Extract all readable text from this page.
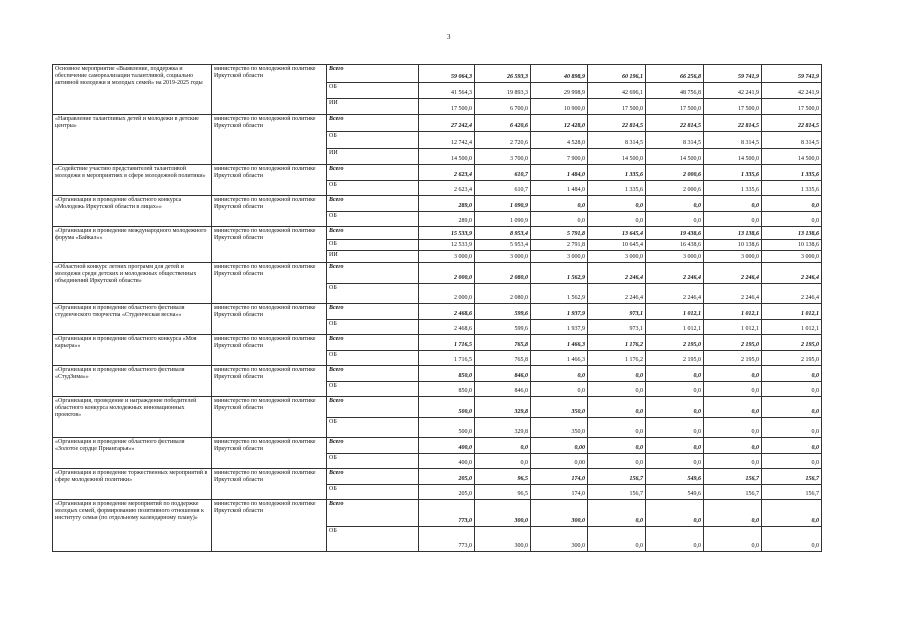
3
Основное мероприятие «Выявление, поддержка и обеспечение самореализации талантливой, социально активной молодежи и молодых семей» на 2019-2025 годы	министерство по молодежной политике Иркутской области	Всего	59 064,3	26 593,3	40 898,9	60 196,1	66 256,8	59 741,9	59 741,9
		ОБ	41 564,3	19 893,3	29 998,9	42 696,1	48 756,8	42 241,9	42 241,9
		ИИ	17 500,0	6 700,0	10 900,0	17 500,0	17 500,0	17 500,0	17 500,0
«Направление талантливых детей и молодежи в детские центры»	министерство по молодежной политике Иркутской области	Всего	27 242,4	6 420,6	12 428,0	22 814,5	22 814,5	22 814,5	22 814,5
		ОБ	12 742,4	2 720,6	4 528,0	8 314,5	8 314,5	8 314,5	8 314,5
		ИИ	14 500,0	3 700,0	7 900,0	14 500,0	14 500,0	14 500,0	14 500,0
«Содействие участию представителей талантливой молодежи в мероприятиях в сфере молодежной политики»	министерство по молодежной политике Иркутской области	Всего	2 623,4	610,7	1 484,0	1 335,6	2 000,6	1 335,6	1 335,6
		ОБ	2 623,4	610,7	1 484,0	1 335,6	2 000,6	1 335,6	1 335,6
«Организация и проведение областного конкурса «Молодежь Иркутской области в лицах»»	министерство по молодежной политике Иркутской области	Всего	289,0	1 090,9	0,0	0,0	0,0	0,0	0,0
		ОБ	289,0	1 090,9	0,0	0,0	0,0	0,0	0,0
«Организация и проведение международного молодежного форума «Байкал»»	министерство по молодежной политике Иркутской области	Всего	15 533,9	8 953,4	5 791,8	13 645,4	19 438,6	13 138,6	13 138,6
		ОБ	12 533,9	5 953,4	2 791,8	10 645,4	16 438,6	10 138,6	10 138,6
		ИИ	3 000,0	3 000,0	3 000,0	3 000,0	3 000,0	3 000,0	3 000,0
«Областной конкурс летних программ для детей и молодежи среди детских и молодежных общественных объединений Иркутской области»	министерство по молодежной политике Иркутской области	Всего	2 000,0	2 080,0	1 562,9	2 246,4	2 246,4	2 246,4	2 246,4
		ОБ	2 000,0	2 080,0	1 562,9	2 246,4	2 246,4	2 246,4	2 246,4
«Организация и проведение областного фестиваля студенческого творчества «Студенческая весна»»	министерство по молодежной политике Иркутской области	Всего	2 468,6	599,6	1 937,9	973,1	1 012,1	1 012,1	1 012,1
		ОБ	2 468,6	599,6	1 937,9	973,1	1 012,1	1 012,1	1 012,1
«Организация и проведение областного конкурса «Моя карьера»»	министерство по молодежной политике Иркутской области	Всего	1 716,5	765,8	1 466,3	1 176,2	2 195,0	2 195,0	2 195,0
		ОБ	1 716,5	765,8	1 466,3	1 176,2	2 195,0	2 195,0	2 195,0
«Организация и проведение областного фестиваля «СтудЗима»»	министерство по молодежной политике Иркутской области	Всего	850,0	846,0	0,0	0,0	0,0	0,0	0,0
		ОБ	850,0	846,0	0,0	0,0	0,0	0,0	0,0
«Организация, проведение и награждение победителей областного конкурса молодежных инновационных проектов»	министерство по молодежной политике Иркутской области	Всего	500,0	329,8	350,0	0,0	0,0	0,0	0,0
		ОБ	500,0	329,8	350,0	0,0	0,0	0,0	0,0
«Организация и проведение областного фестиваля «Золотое сердце Приангарья»»	министерство по молодежной политике Иркутской области	Всего	400,0	0,0	0,00	0,0	0,0	0,0	0,0
		ОБ	400,0	0,0	0,00	0,0	0,0	0,0	0,0
«Организация и проведение торжественных мероприятий в сфере молодежной политики»	министерство по молодежной политике Иркутской области	Всего	205,0	96,5	174,0	156,7	549,6	156,7	156,7
		ОБ	205,0	96,5	174,0	156,7	549,6	156,7	156,7
«Организация и проведение мероприятий по поддержке молодых семей, формированию позитивного отношения к институту семьи (по отдельному календарному плану)»	министерство по молодежной политике Иркутской области	Всего	773,0	300,0	300,0	0,0	0,0	0,0	0,0
		ОБ	773,0	300,0	300,0	0,0	0,0	0,0	0,0
